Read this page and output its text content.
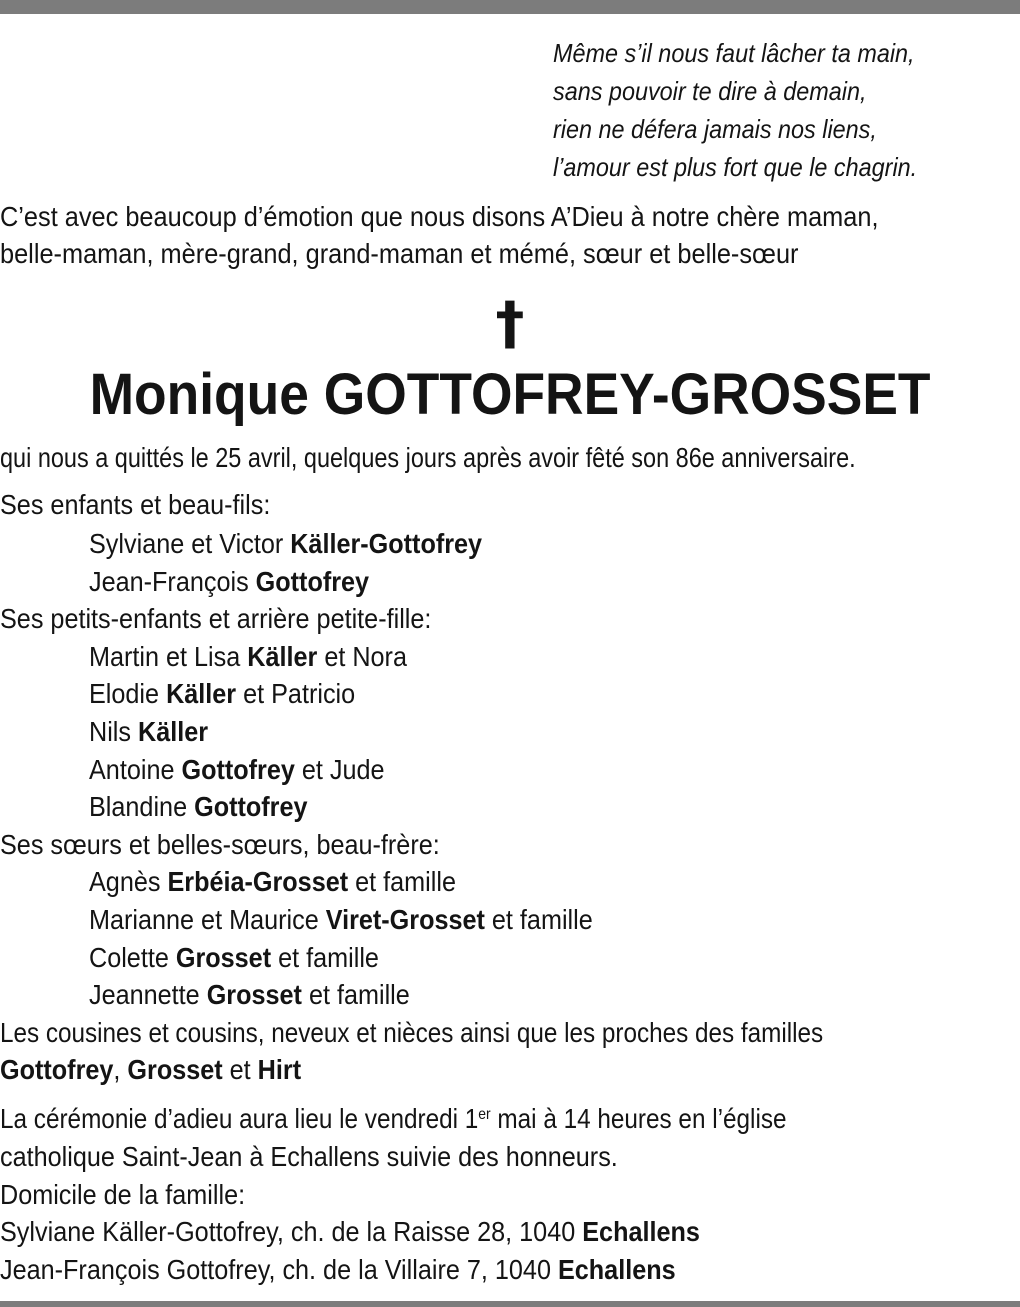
Même s’il nous faut lâcher ta main,
sans pouvoir te dire à demain,
rien ne défera jamais nos liens,
l’amour est plus fort que le chagrin.
C’est avec beaucoup d’émotion que nous disons A’Dieu à notre chère maman,
belle-maman, mère-grand, grand-maman et mémé, sœur et belle-sœur
†
Monique GOTTOFREY-GROSSET
qui nous a quittés le 25 avril, quelques jours après avoir fêté son 86e anniversaire.
Ses enfants et beau-fils:
Sylviane et Victor Käller-Gottofrey
Jean-François Gottofrey
Ses petits-enfants et arrière petite-fille:
Martin et Lisa Käller et Nora
Elodie Käller et Patricio
Nils Käller
Antoine Gottofrey et Jude
Blandine Gottofrey
Ses sœurs et belles-sœurs, beau-frère:
Agnès Erbéia-Grosset et famille
Marianne et Maurice Viret-Grosset et famille
Colette Grosset et famille
Jeannette Grosset et famille
Les cousines et cousins, neveux et nièces ainsi que les proches des familles
Gottofrey, Grosset et Hirt
La cérémonie d’adieu aura lieu le vendredi 1er mai à 14 heures en l’église
catholique Saint-Jean à Echallens suivie des honneurs.
Domicile de la famille:
Sylviane Käller-Gottofrey, ch. de la Raisse 28, 1040 Echallens
Jean-François Gottofrey, ch. de la Villaire 7, 1040 Echallens
